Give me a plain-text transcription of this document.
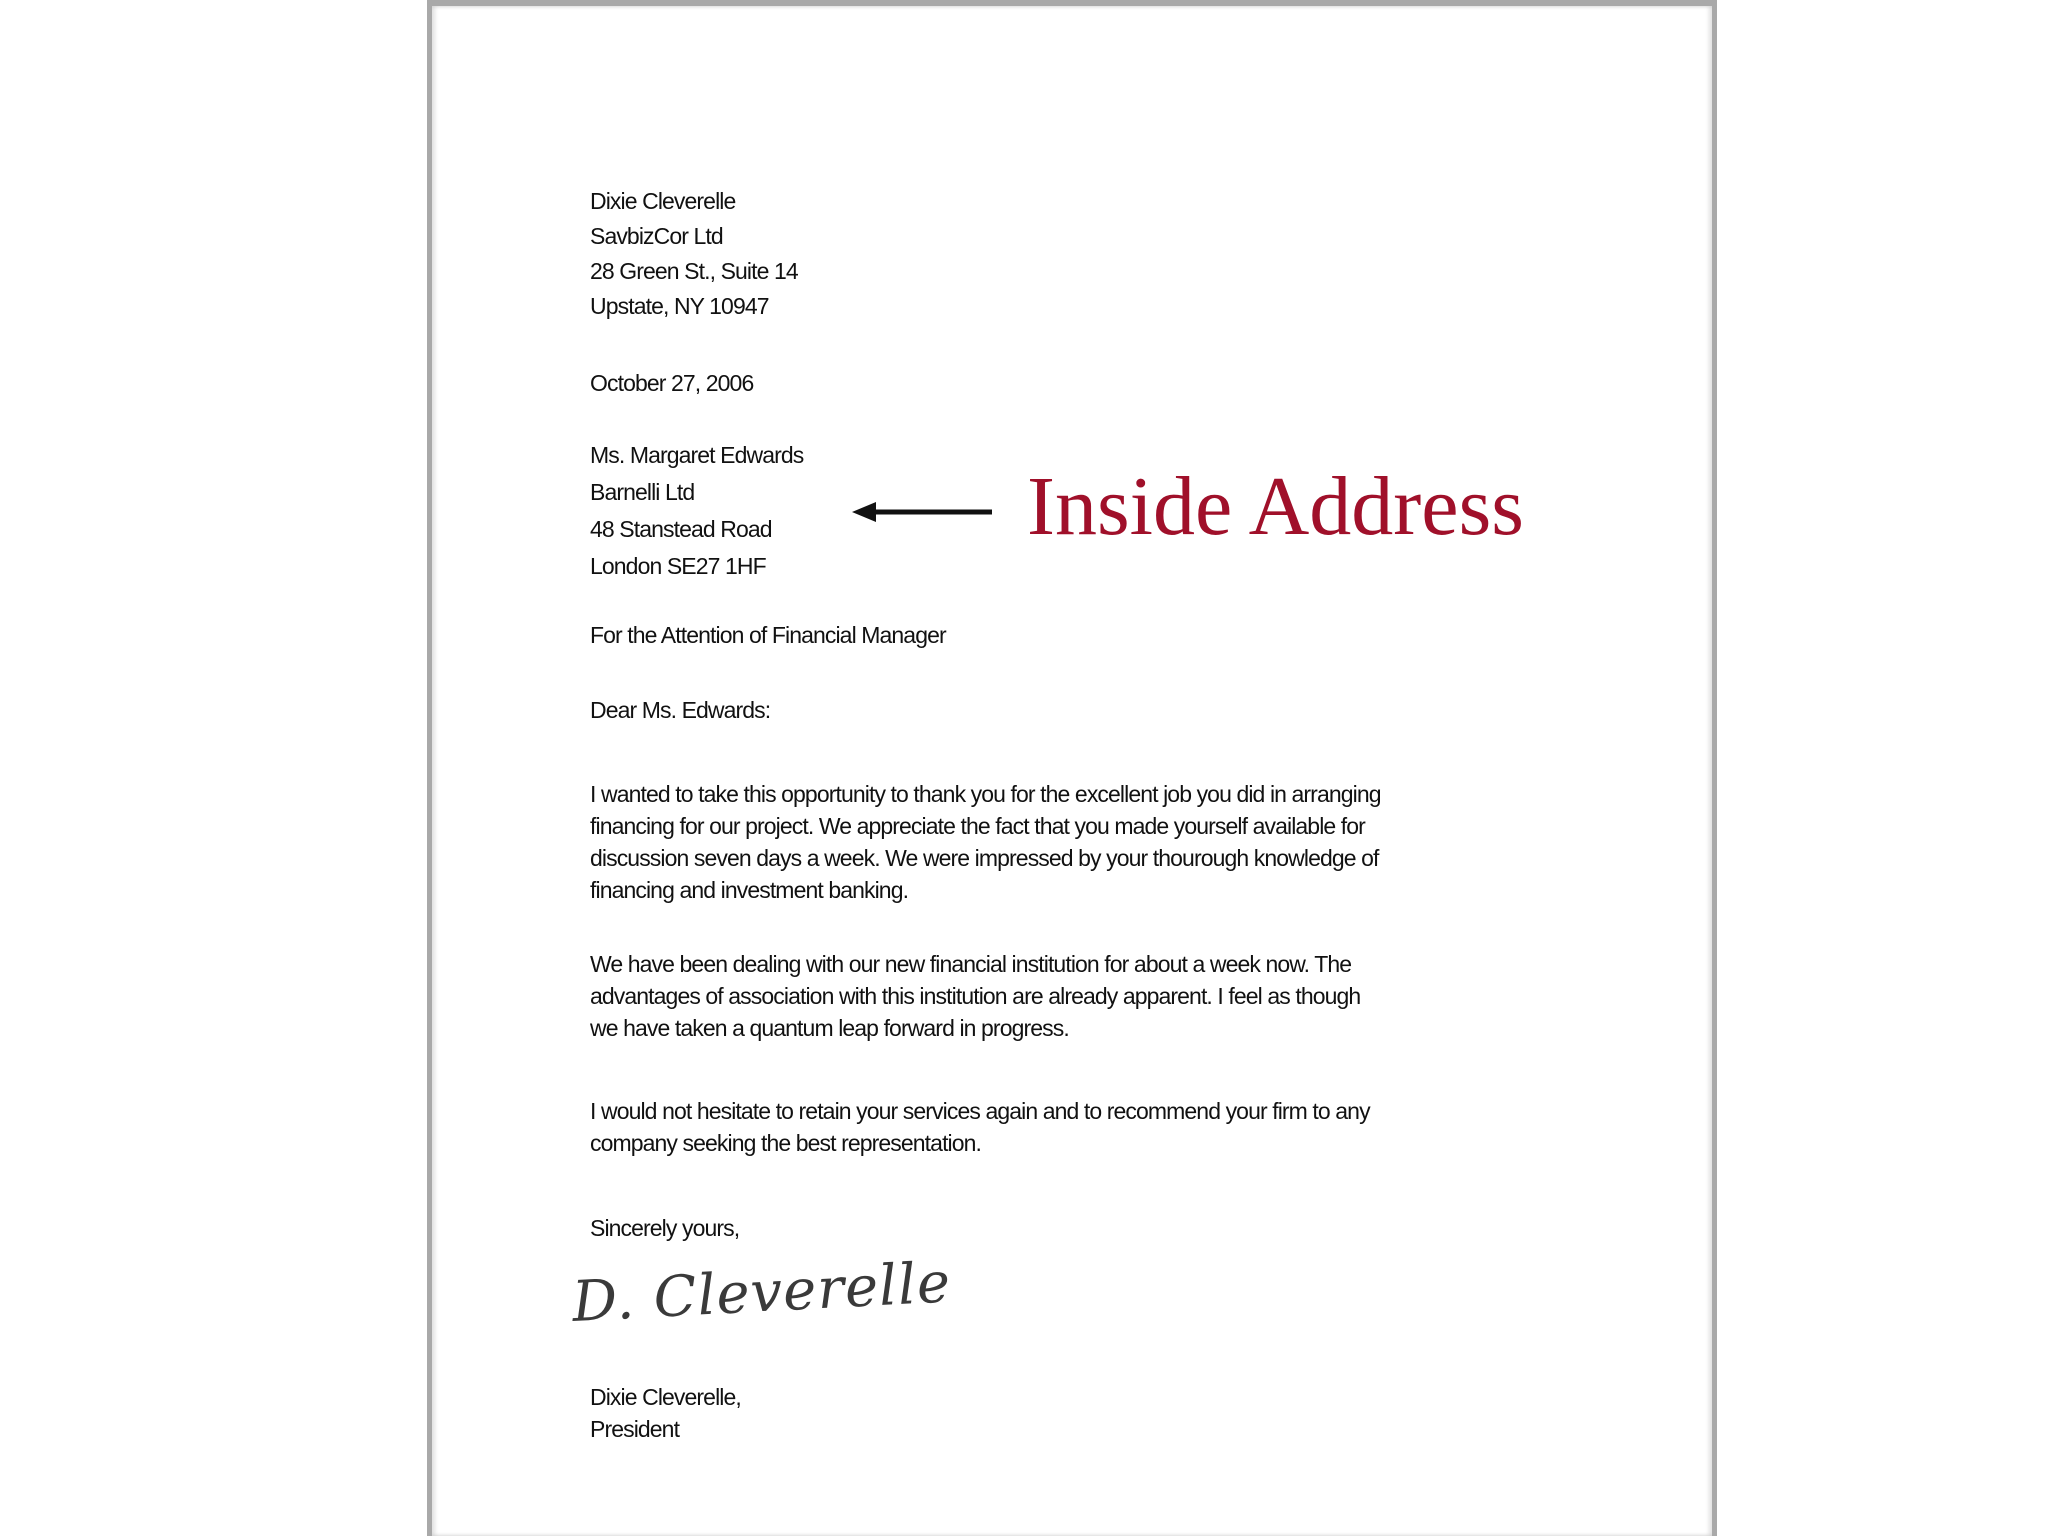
Dixie Cleverelle

SavbizCor Ltd

28 Green St., Suite 14

Upstate, NY 10947

October 27, 2006

Ms. Margaret Edwards

Barnelli Ltd

48 Stanstead Road

London SE27 1HF

Inside Address

For the Attention of Financial Manager

Dear Ms. Edwards:

I wanted to take this opportunity to thank you for the excellent job you did in arranging
financing for our project. We appreciate the fact that you made yourself available for
discussion seven days a week. We were impressed by your thourough knowledge of
financing and investment banking.
We have been dealing with our new financial institution for about a week now. The
advantages of association with this institution are already apparent. I feel as though
we have taken a quantum leap forward in progress.
I would not hesitate to retain your services again and to recommend your firm to any
company seeking the best representation.

Sincerely yours,

D. Cleverelle

Dixie Cleverelle,

President
